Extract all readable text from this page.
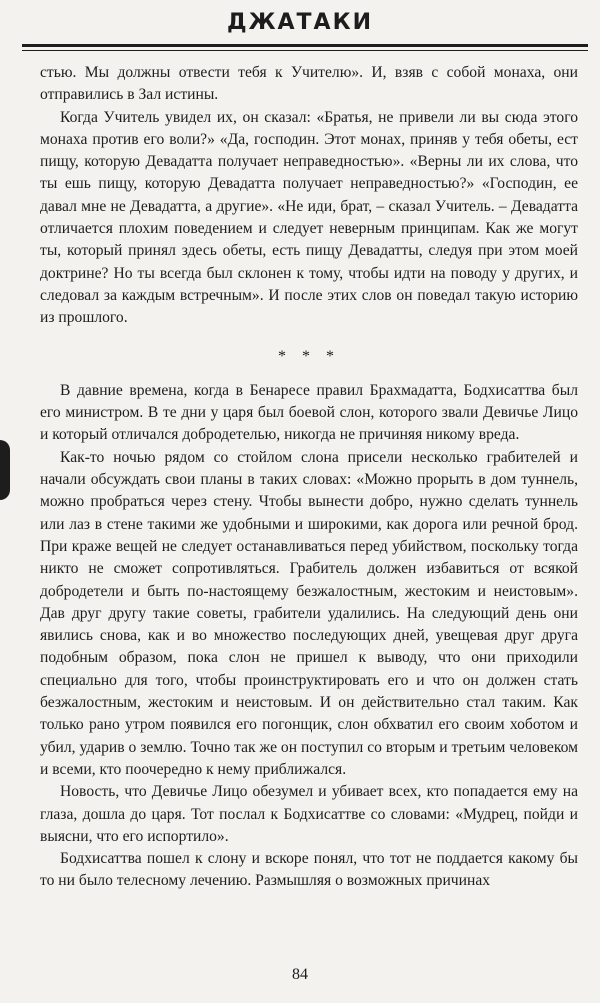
ДЖАТАКИ

стью. Мы должны отвести тебя к Учителю». И, взяв с собой монаха, они отправились в Зал истины.

Когда Учитель увидел их, он сказал: «Братья, не привели ли вы сюда этого монаха против его воли?» «Да, господин. Этот монах, приняв у тебя обеты, ест пищу, которую Девадатта получает неправедностью». «Верны ли их слова, что ты ешь пищу, которую Девадатта получает неправедностью?» «Господин, ее давал мне не Девадатта, а другие». «Не иди, брат, – сказал Учитель. – Девадатта отличается плохим поведением и следует неверным принципам. Как же могут ты, который принял здесь обеты, есть пищу Девадатты, следуя при этом моей доктрине? Но ты всегда был склонен к тому, чтобы идти на поводу у других, и следовал за каждым встречным». И после этих слов он поведал такую историю из прошлого.

* * *

В давние времена, когда в Бенаресе правил Брахмадатта, Бодхисаттва был его министром. В те дни у царя был боевой слон, которого звали Девичье Лицо и который отличался добродетелью, никогда не причиняя никому вреда.

Как-то ночью рядом со стойлом слона присели несколько грабителей и начали обсуждать свои планы в таких словах: «Можно прорыть в дом туннель, можно пробраться через стену. Чтобы вынести добро, нужно сделать туннель или лаз в стене такими же удобными и широкими, как дорога или речной брод. При краже вещей не следует останавливаться перед убийством, поскольку тогда никто не сможет сопротивляться. Грабитель должен избавиться от всякой добродетели и быть по-настоящему безжалостным, жестоким и неистовым». Дав друг другу такие советы, грабители удалились. На следующий день они явились снова, как и во множество последующих дней, увещевая друг друга подобным образом, пока слон не пришел к выводу, что они приходили специально для того, чтобы проинструктировать его и что он должен стать безжалостным, жестоким и неистовым. И он действительно стал таким. Как только рано утром появился его погонщик, слон обхватил его своим хоботом и убил, ударив о землю. Точно так же он поступил со вторым и третьим человеком и всеми, кто поочередно к нему приближался.

Новость, что Девичье Лицо обезумел и убивает всех, кто попадается ему на глаза, дошла до царя. Тот послал к Бодхисаттве со словами: «Мудрец, пойди и выясни, что его испортило».

Бодхисаттва пошел к слону и вскоре понял, что тот не поддается какому бы то ни было телесному лечению. Размышляя о возможных причинах

84
